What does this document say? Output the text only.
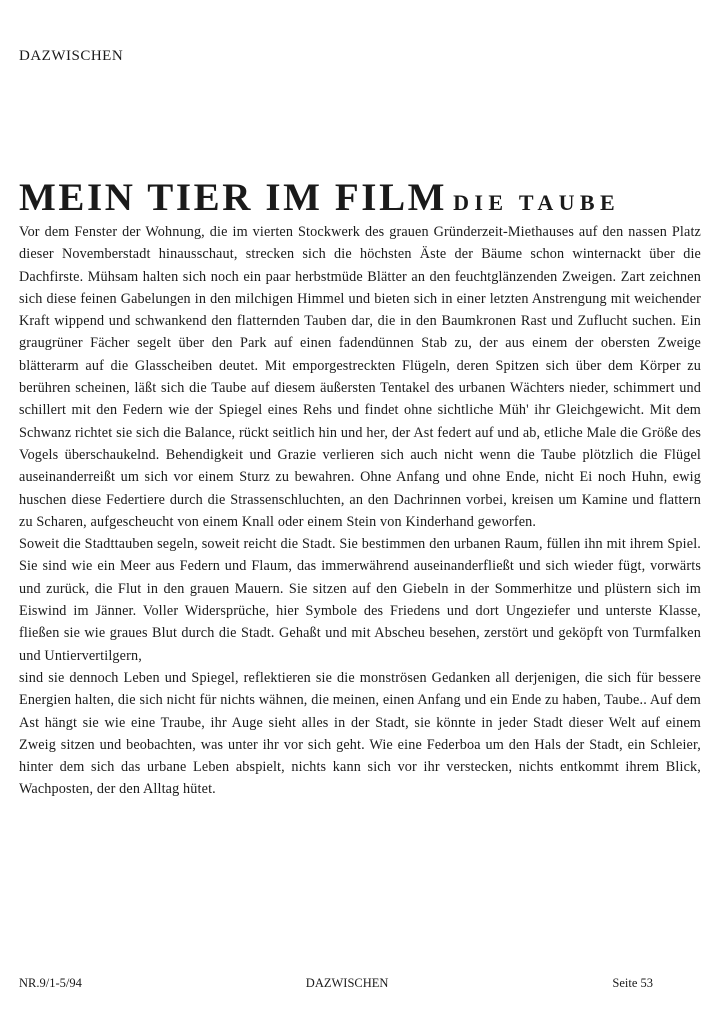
DAZWISCHEN
MEIN TIER IM FILM DIE TAUBE

Vor dem Fenster der Wohnung, die im vierten Stockwerk des grauen Gründerzeit-Miethauses auf den nassen Platz dieser Novemberstadt hinausschaut, strecken sich die höchsten Äste der Bäume schon winternackt über die Dachfirste. Mühsam halten sich noch ein paar herbstmüde Blätter an den feuchtglänzenden Zweigen. Zart zeichnen sich diese feinen Gabelungen in den milchigen Himmel und bieten sich in einer letzten Anstrengung mit weichender Kraft wippend und schwankend den flatternden Tauben dar, die in den Baumkronen Rast und Zuflucht suchen. Ein graugrüner Fächer segelt über den Park auf einen fadendünnen Stab zu, der aus einem der obersten Zweige blätterarm auf die Glasscheiben deutet. Mit emporgestreckten Flügeln, deren Spitzen sich über dem Körper zu berühren scheinen, läßt sich die Taube auf diesem äußersten Tentakel des urbanen Wächters nieder, schimmert und schillert mit den Federn wie der Spiegel eines Rehs und findet ohne sichtliche Müh' ihr Gleichgewicht. Mit dem Schwanz richtet sie sich die Balance, rückt seitlich hin und her, der Ast federt auf und ab, etliche Male die Größe des Vogels überschaukelnd. Behendigkeit und Grazie verlieren sich auch nicht wenn die Taube plötzlich die Flügel auseinanderreißt um sich vor einem Sturz zu bewahren. Ohne Anfang und ohne Ende, nicht Ei noch Huhn, ewig huschen diese Federtiere durch die Strassenschluchten, an den Dachrinnen vorbei, kreisen um Kamine und flattern zu Scharen, aufgescheucht von einem Knall oder einem Stein von Kinderhand geworfen.

Soweit die Stadttauben segeln, soweit reicht die Stadt. Sie bestimmen den urbanen Raum, füllen ihn mit ihrem Spiel. Sie sind wie ein Meer aus Federn und Flaum, das immerwährend auseinanderfließt und sich wieder fügt, vorwärts und zurück, die Flut in den grauen Mauern. Sie sitzen auf den Giebeln in der Sommerhitze und plüstern sich im Eiswind im Jänner. Voller Widersprüche, hier Symbole des Friedens und dort Ungeziefer und unterste Klasse, fließen sie wie graues Blut durch die Stadt. Gehaßt und mit Abscheu besehen, zerstört und geköpft von Turmfalken und Untiervertilgern,

sind sie dennoch Leben und Spiegel, reflektieren sie die monströsen Gedanken all derjenigen, die sich für bessere Energien halten, die sich nicht für nichts wähnen, die meinen, einen Anfang und ein Ende zu haben, Taube.. Auf dem Ast hängt sie wie eine Traube, ihr Auge sieht alles in der Stadt, sie könnte in jeder Stadt dieser Welt auf einem Zweig sitzen und beobachten, was unter ihr vor sich geht. Wie eine Federboa um den Hals der Stadt, ein Schleier, hinter dem sich das urbane Leben abspielt, nichts kann sich vor ihr verstecken, nichts entkommt ihrem Blick, Wachposten, der den Alltag hütet.

NR.9/1-5/94	DAZWISCHEN	Seite 53
